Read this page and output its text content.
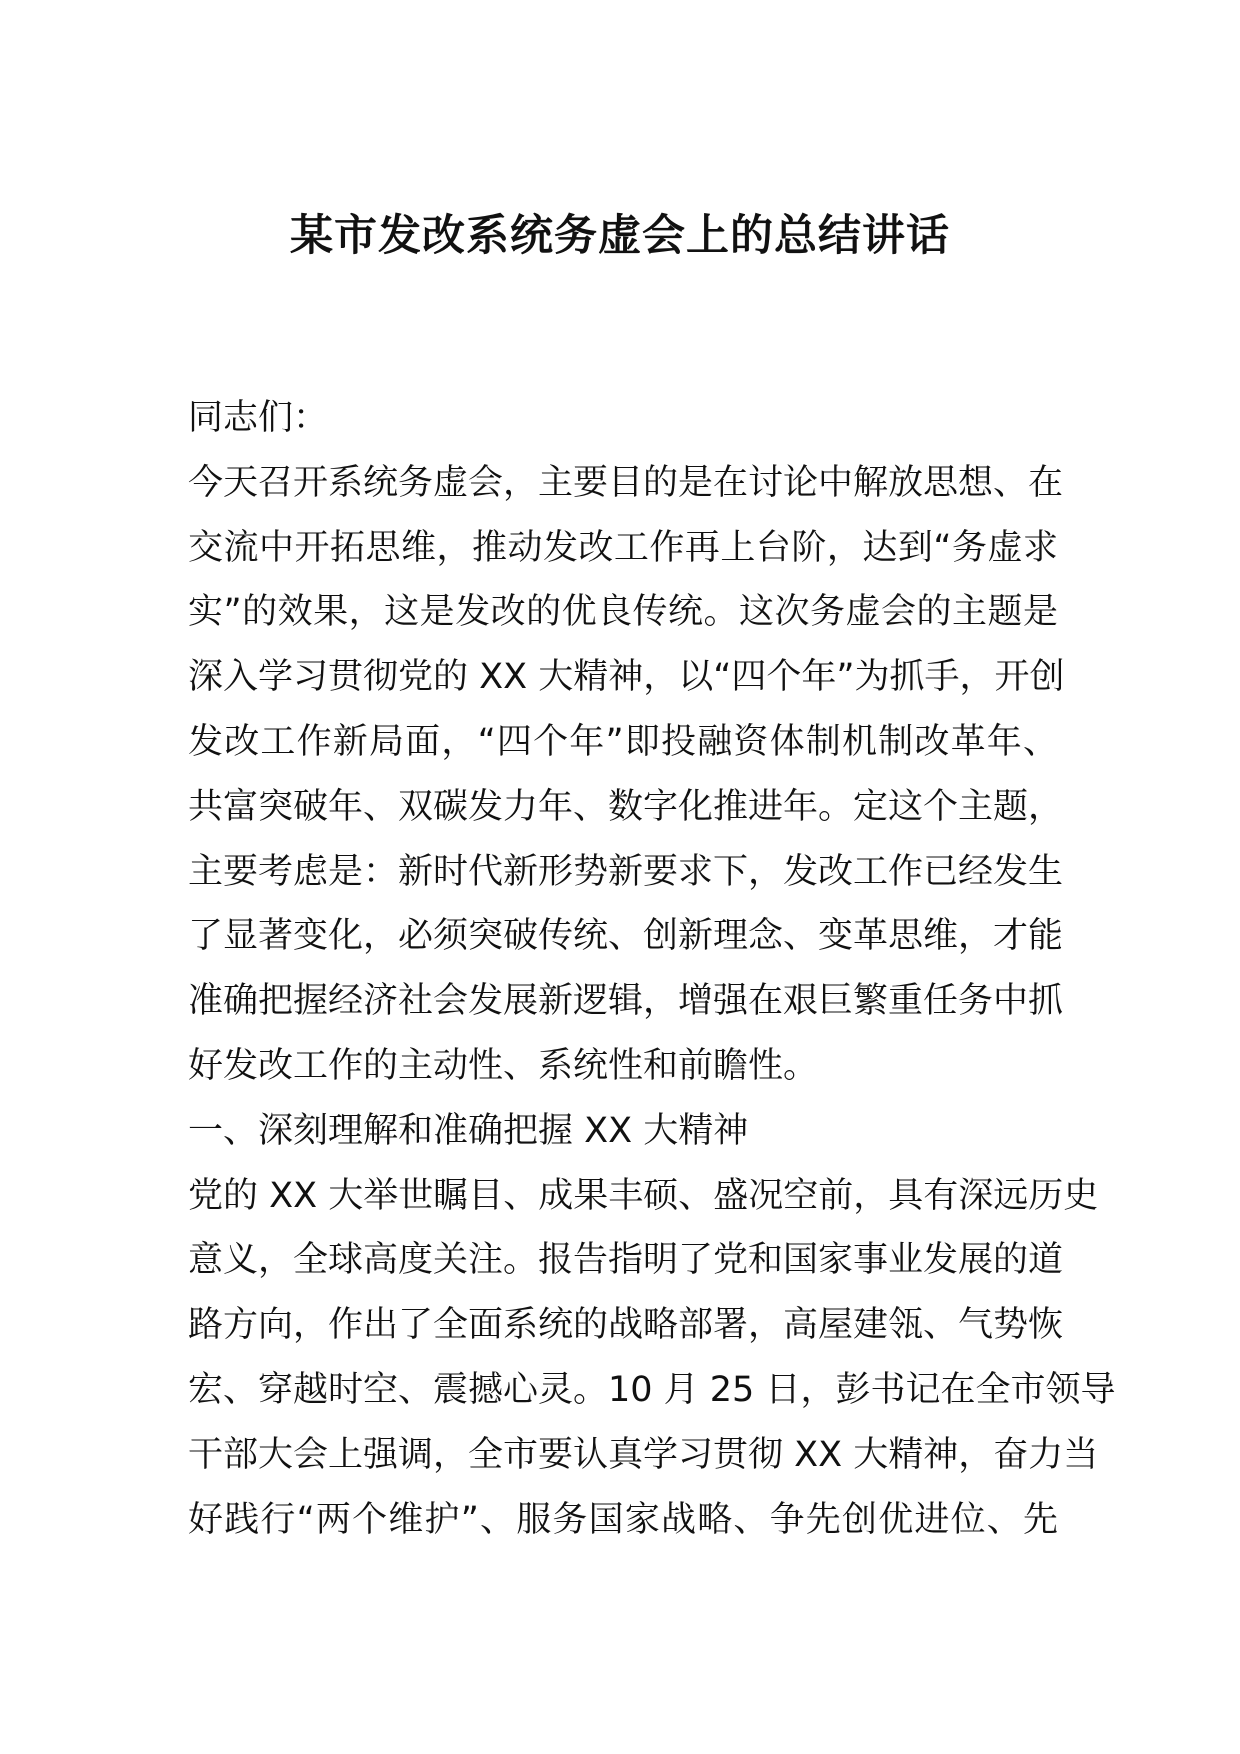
某市发改系统务虚会上的总结讲话

同志们：

今天召开系统务虚会，主要目的是在讨论中解放思想、在

交流中开拓思维，推动发改工作再上台阶，达到“务虚求

实”的效果，这是发改的优良传统。这次务虚会的主题是

深入学习贯彻党的 XX 大精神，以“四个年”为抓手，开创

发改工作新局面，“四个年”即投融资体制机制改革年、

共富突破年、双碳发力年、数字化推进年。定这个主题，

主要考虑是：新时代新形势新要求下，发改工作已经发生

了显著变化，必须突破传统、创新理念、变革思维，才能

准确把握经济社会发展新逻辑，增强在艰巨繁重任务中抓

好发改工作的主动性、系统性和前瞻性。

一、深刻理解和准确把握 XX 大精神

党的 XX 大举世瞩目、成果丰硕、盛况空前，具有深远历史

意义，全球高度关注。报告指明了党和国家事业发展的道

路方向，作出了全面系统的战略部署，高屋建瓴、气势恢

宏、穿越时空、震撼心灵。10 月 25 日，彭书记在全市领导

干部大会上强调，全市要认真学习贯彻 XX 大精神，奋力当

好践行“两个维护”、服务国家战略、争先创优进位、先
